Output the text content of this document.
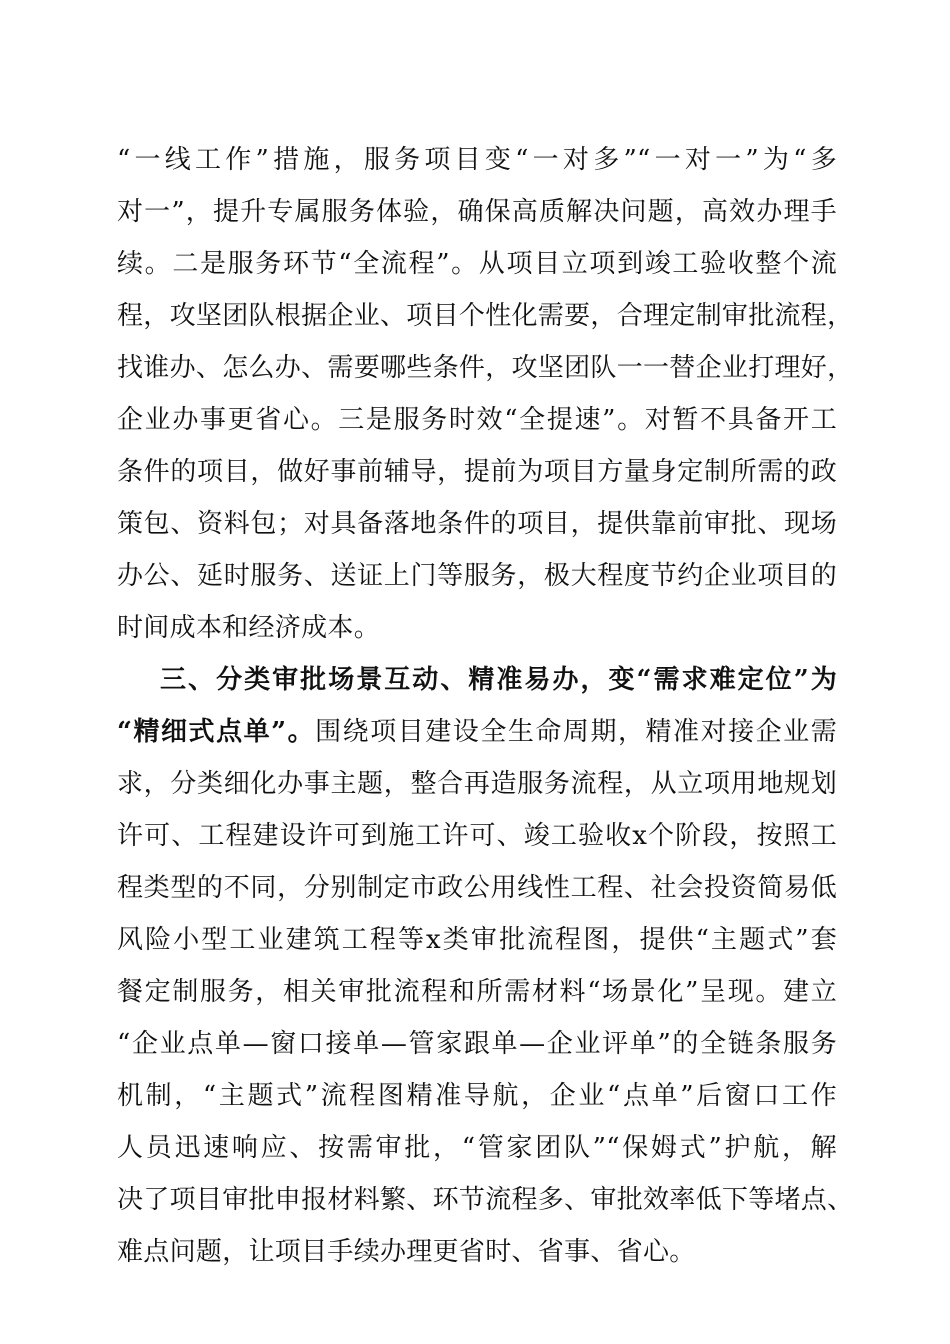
“一线工作”措施，服务项目变“一对多”“一对一”为“多
对一”，提升专属服务体验，确保高质解决问题，高效办理手
续。二是服务环节“全流程”。从项目立项到竣工验收整个流
程，攻坚团队根据企业、项目个性化需要，合理定制审批流程，
找谁办、怎么办、需要哪些条件，攻坚团队一一替企业打理好，
企业办事更省心。三是服务时效“全提速”。对暂不具备开工
条件的项目，做好事前辅导，提前为项目方量身定制所需的政
策包、资料包；对具备落地条件的项目，提供靠前审批、现场
办公、延时服务、送证上门等服务，极大程度节约企业项目的
时间成本和经济成本。
三、分类审批场景互动、精准易办，变“需求难定位”为
“精细式点单”。围绕项目建设全生命周期，精准对接企业需
求，分类细化办事主题，整合再造服务流程，从立项用地规划
许可、工程建设许可到施工许可、竣工验收x个阶段，按照工
程类型的不同，分别制定市政公用线性工程、社会投资简易低
风险小型工业建筑工程等x类审批流程图，提供“主题式”套
餐定制服务，相关审批流程和所需材料“场景化”呈现。建立
“企业点单—窗口接单—管家跟单—企业评单”的全链条服务
机制，“主题式”流程图精准导航，企业“点单”后窗口工作
人员迅速响应、按需审批，“管家团队”“保姆式”护航，解
决了项目审批申报材料繁、环节流程多、审批效率低下等堵点、
难点问题，让项目手续办理更省时、省事、省心。
